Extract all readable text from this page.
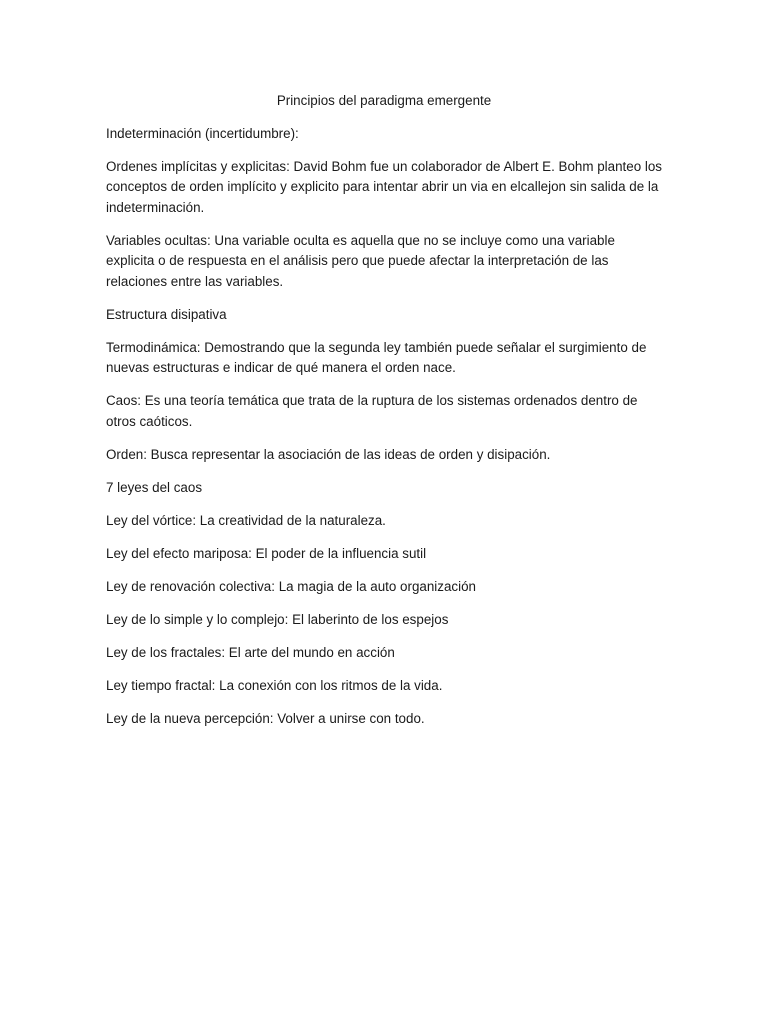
Principios del paradigma emergente

Indeterminación (incertidumbre):

Ordenes implícitas y explicitas: David Bohm fue un colaborador de Albert E. Bohm planteo los conceptos de orden implícito y explicito para intentar abrir un via en elcallejon sin salida de la indeterminación.

Variables ocultas: Una variable oculta es aquella que no se incluye como una variable explicita o de respuesta en el análisis pero que puede afectar la interpretación de las relaciones entre las variables.

Estructura disipativa

Termodinámica: Demostrando que la segunda ley también puede señalar el surgimiento de nuevas estructuras e indicar de qué manera el orden nace.

Caos: Es una teoría temática que trata de la ruptura de los sistemas ordenados dentro de otros caóticos.

Orden: Busca representar la asociación de las ideas de orden y disipación.

7 leyes del caos

Ley del vórtice: La creatividad de la naturaleza.

Ley del efecto mariposa: El poder de la influencia sutil

Ley de renovación colectiva: La magia de la auto organización

Ley de lo simple y lo complejo: El laberinto de los espejos

Ley de los fractales: El arte del mundo en acción

Ley tiempo fractal: La conexión con los ritmos de la vida.

Ley de la nueva percepción: Volver a unirse con todo.
